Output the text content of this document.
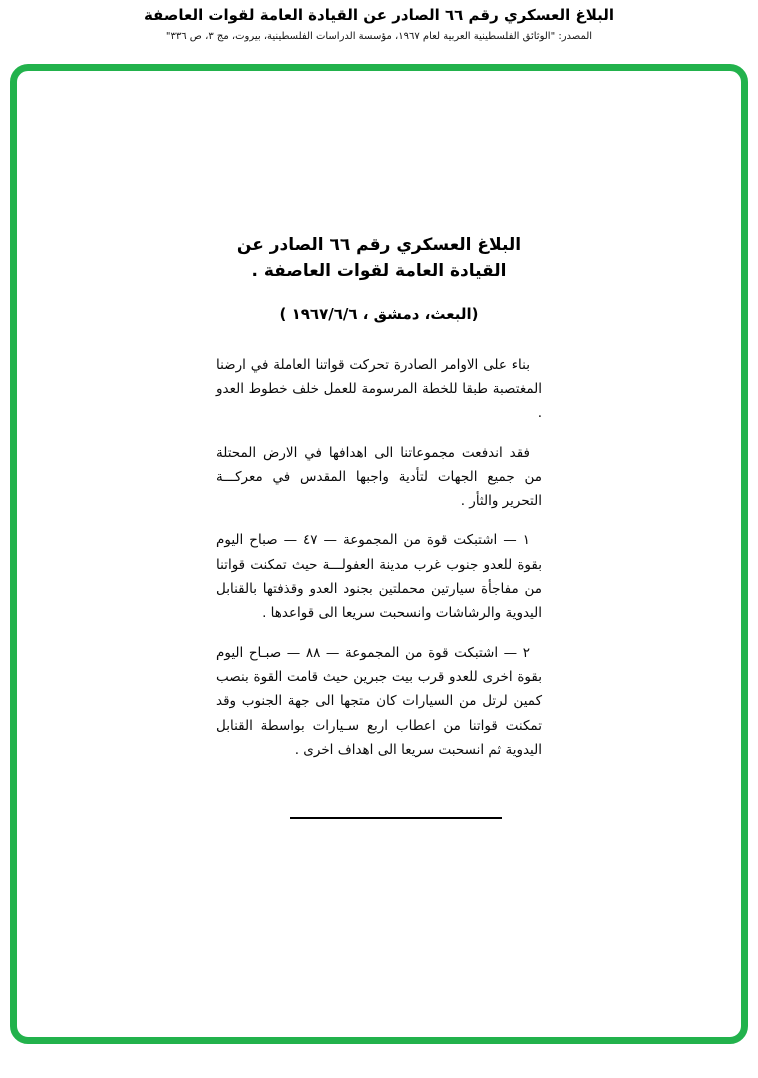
البلاغ العسكري رقم ٦٦ الصادر عن القيادة العامة لقوات العاصفة
المصدر: "الوثائق الفلسطينية العربية لعام ١٩٦٧، مؤسسة الدراسات الفلسطينية، بيروت، مج ٣، ص ٣٣٦"
البلاغ العسكري رقم ٦٦ الصادر عن القيادة العامة لقوات العاصفة .
(البعث، دمشق ، ١٩٦٧/٦/٦ )

بناء على الاوامر الصادرة تحركت قواتنا العاملة في ارضنا المغتصبة طبقا للخطة المرسومة للعمل خلف خطوط العدو .

فقد اندفعت مجموعاتنا الى اهدافها في الارض المحتلة من جميع الجهات لتأدية واجبها المقدس في معركـــة التحرير والثأر .

١ — اشتبكت قوة من المجموعة — ٤٧ — صباح اليوم بقوة للعدو جنوب غرب مدينة العفولـــة حيث تمكنت قواتنا من مفاجأة سيارتين محملتين بجنود العدو وقذفتها بالقنابل اليدوية والرشاشات وانسحبت سريعا الى قواعدها .

٢ — اشتبكت قوة من المجموعة — ٨٨ — صبـاح اليوم بقوة اخرى للعدو قرب بيت جبرين حيث قامت القوة بنصب كمين لرتل من السيارات كان متجها الى جهة الجنوب وقد تمكنت قواتنا من اعطاب اربع سـيارات بواسطة القنابل اليدوية ثم انسحبت سريعا الى اهداف اخرى .
